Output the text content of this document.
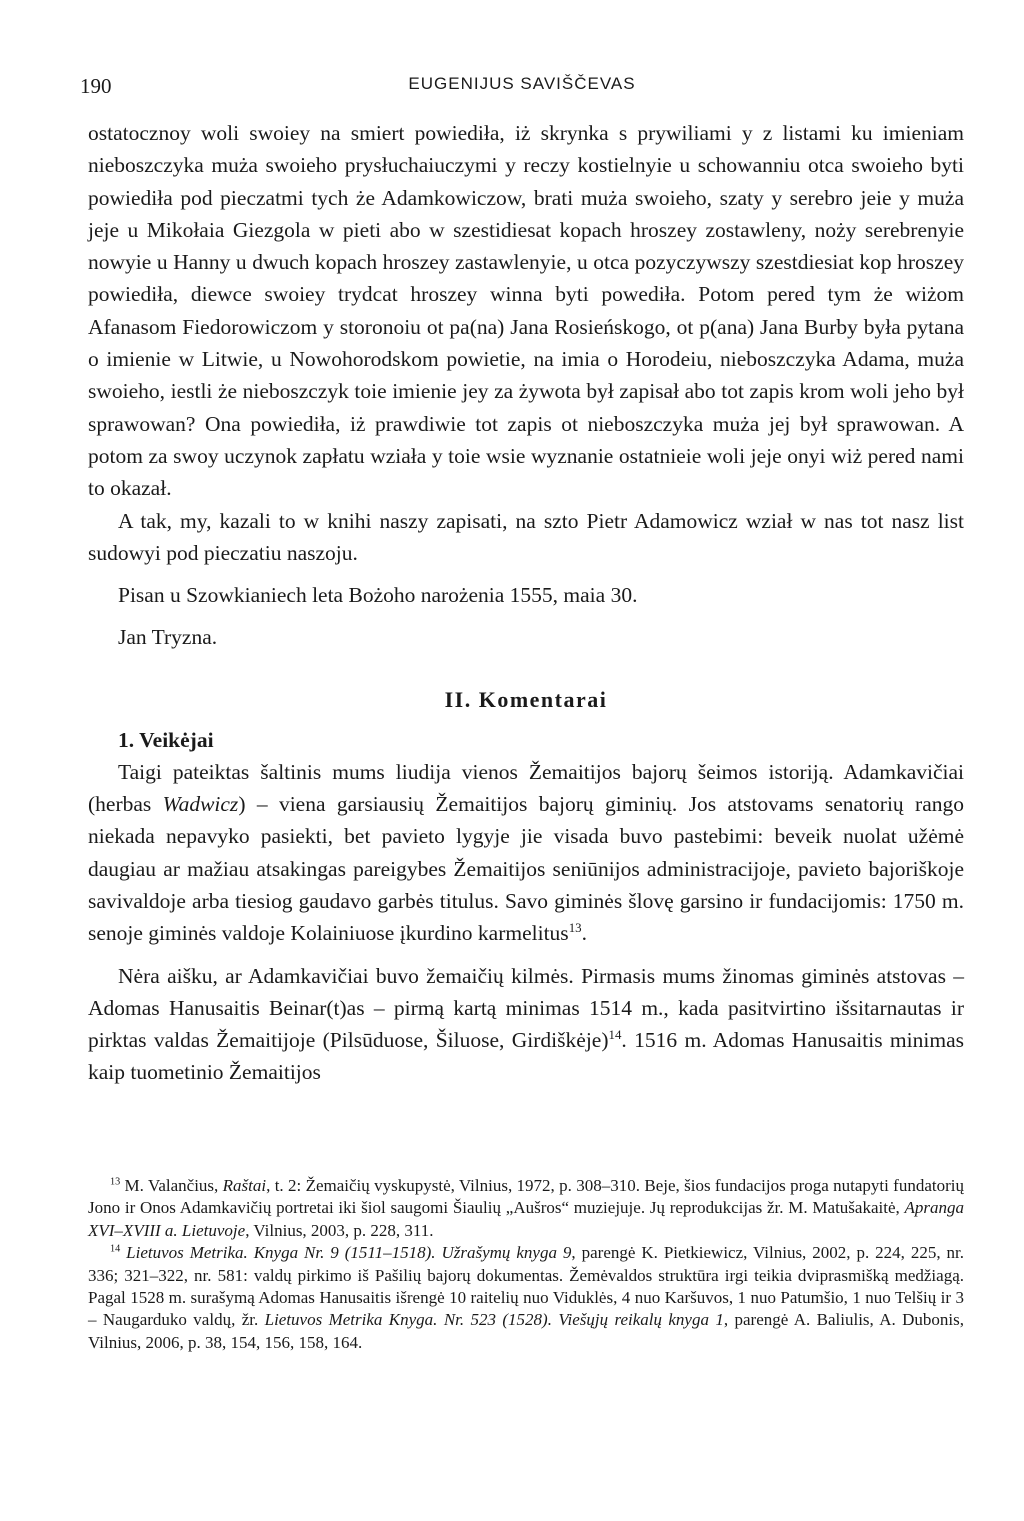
190	EUGENIJUS SAVIŠČEVAS

ostatocznoy woli swoiey na smiert powiediła, iż skrynka s prywiliami y z listami ku imieniam nieboszczyka muża swoieho prysłuchaiuczymi y reczy kostielnyie u schowanniu otca swoieho byti powiediła pod pieczatmi tych że Adamkowiczow, brati muża swoieho, szaty y serebro jeie y muża jeje u Mikołaia Giezgola w pieti abo w szestidiesat kopach hroszey zostawleny, noży serebrenyie nowyie u Hanny u dwuch kopach hroszey zastawlenyie, u otca pozyczywszy szestdiesiat kop hroszey powiediła, diewce swoiey trydcat hroszey winna byti powediła. Potom pered tym że wiżom Afanasom Fiedorowiczom y storonoiu ot pa(na) Jana Rosieńskogo, ot p(ana) Jana Burby była pytana o imienie w Litwie, u Nowohorodskom powietie, na imia o Horodeiu, nieboszczyka Adama, muża swoieho, iestli że nieboszczyk toie imienie jey za żywota był zapisał abo tot zapis krom woli jeho był sprawowan? Ona powiediła, iż prawdiwie tot zapis ot nieboszczyka muża jej był sprawowan. A potom za swoy uczynok zapłatu wziała y toie wsie wyznanie ostatnieie woli jeje onyi wiż pered nami to okazał.

A tak, my, kazali to w knihi naszy zapisati, na szto Pietr Adamowicz wział w nas tot nasz list sudowyi pod pieczatiu naszoju.

Pisan u Szowkianiech leta Bożoho narożenia 1555, maia 30.

Jan Tryzna.

II. Komentarai
1. Veikėjai

Taigi pateiktas šaltinis mums liudija vienos Žemaitijos bajorų šeimos istoriją. Adamkavičiai (herbas Wadwicz) – viena garsiausių Žemaitijos bajorų giminių. Jos atstovams senatorių rango niekada nepavyko pasiekti, bet pavieto lygyje jie visada buvo pastebimi: beveik nuolat užėmė daugiau ar mažiau atsakingas pareigybes Žemaitijos seniūnijos administracijoje, pavieto bajoriškoje savivaldoje arba tiesiog gaudavo garbės titulus. Savo giminės šlovę garsino ir fundacijomis: 1750 m. senoje giminės valdoje Kolainiuose įkurdino karmelitus$^{13}$.

Nėra aišku, ar Adamkavičiai buvo žemaičių kilmės. Pirmasis mums žinomas giminės atstovas – Adomas Hanusaitis Beinar(t)as – pirmą kartą minimas 1514 m., kada pasitvirtino išsitarnautas ir pirktas valdas Žemaitijoje (Pilsūduose, Šiluose, Girdiškėje)$^{14}$. 1516 m. Adomas Hanusaitis minimas kaip tuometinio Žemaitijos

$^{13}$ M. Valančius, Raštai, t. 2: Žemaičių vyskupystė, Vilnius, 1972, p. 308–310. Beje, šios fundacijos proga nutapyti fundatorių Jono ir Onos Adamkavičių portretai iki šiol saugomi Šiaulių „Aušros“ muziejuje. Jų reprodukcijas žr. M. Matušakaitė, Apranga XVI–XVIII a. Lietuvoje, Vilnius, 2003, p. 228, 311.

$^{14}$ Lietuvos Metrika. Knyga Nr. 9 (1511–1518). Užrašymų knyga 9, parengė K. Pietkiewicz, Vilnius, 2002, p. 224, 225, nr. 336; 321–322, nr. 581: valdų pirkimo iš Pašilių bajorų dokumentas. Žemėvaldos struktūra irgi teikia dviprasmišką medžiagą. Pagal 1528 m. surašymą Adomas Hanusaitis išrengė 10 raitelių nuo Viduklės, 4 nuo Karšuvos, 1 nuo Patumšio, 1 nuo Telšių ir 3 – Naugarduko valdų, žr. Lietuvos Metrika Knyga. Nr. 523 (1528). Viešųjų reikalų knyga 1, parengė A. Baliulis, A. Dubonis, Vilnius, 2006, p. 38, 154, 156, 158, 164.
